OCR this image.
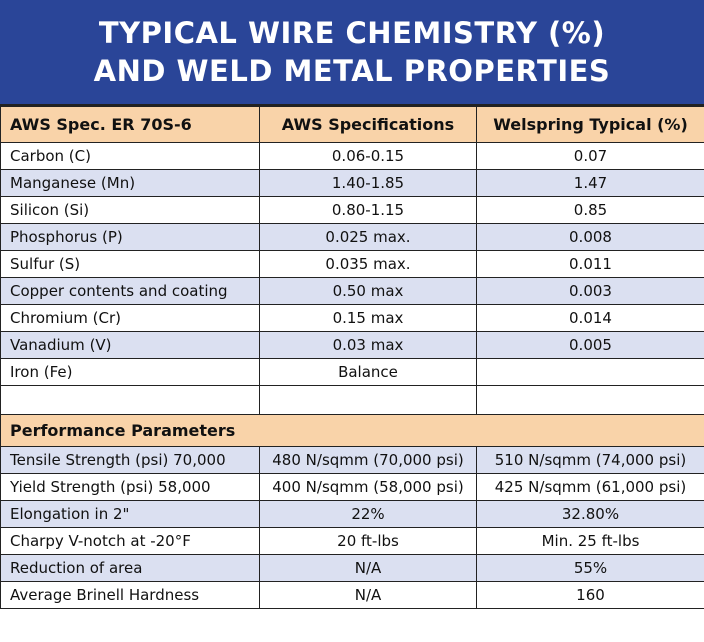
TYPICAL WIRE CHEMISTRY (%)
AND WELD METAL PROPERTIES
AWS Spec. ER 70S-6	AWS Specifications	Welspring Typical (%)
Carbon (C)	0.06-0.15	0.07
Manganese (Mn)	1.40-1.85	1.47
Silicon (Si)	0.80-1.15	0.85
Phosphorus (P)	0.025 max.	0.008
Sulfur (S)	0.035 max.	0.011
Copper contents and coating	0.50 max	0.003
Chromium (Cr)	0.15 max	0.014
Vanadium (V)	0.03 max	0.005
Iron (Fe)	Balance	

Performance Parameters		
Tensile Strength (psi) 70,000	480 N/sqmm (70,000 psi)	510 N/sqmm (74,000 psi)
Yield Strength (psi) 58,000	400 N/sqmm (58,000 psi)	425 N/sqmm (61,000 psi)
Elongation in 2"	22%	32.80%
Charpy V-notch at -20°F	20 ft-lbs	Min. 25 ft-lbs
Reduction of area	N/A	55%
Average Brinell Hardness	N/A	160
